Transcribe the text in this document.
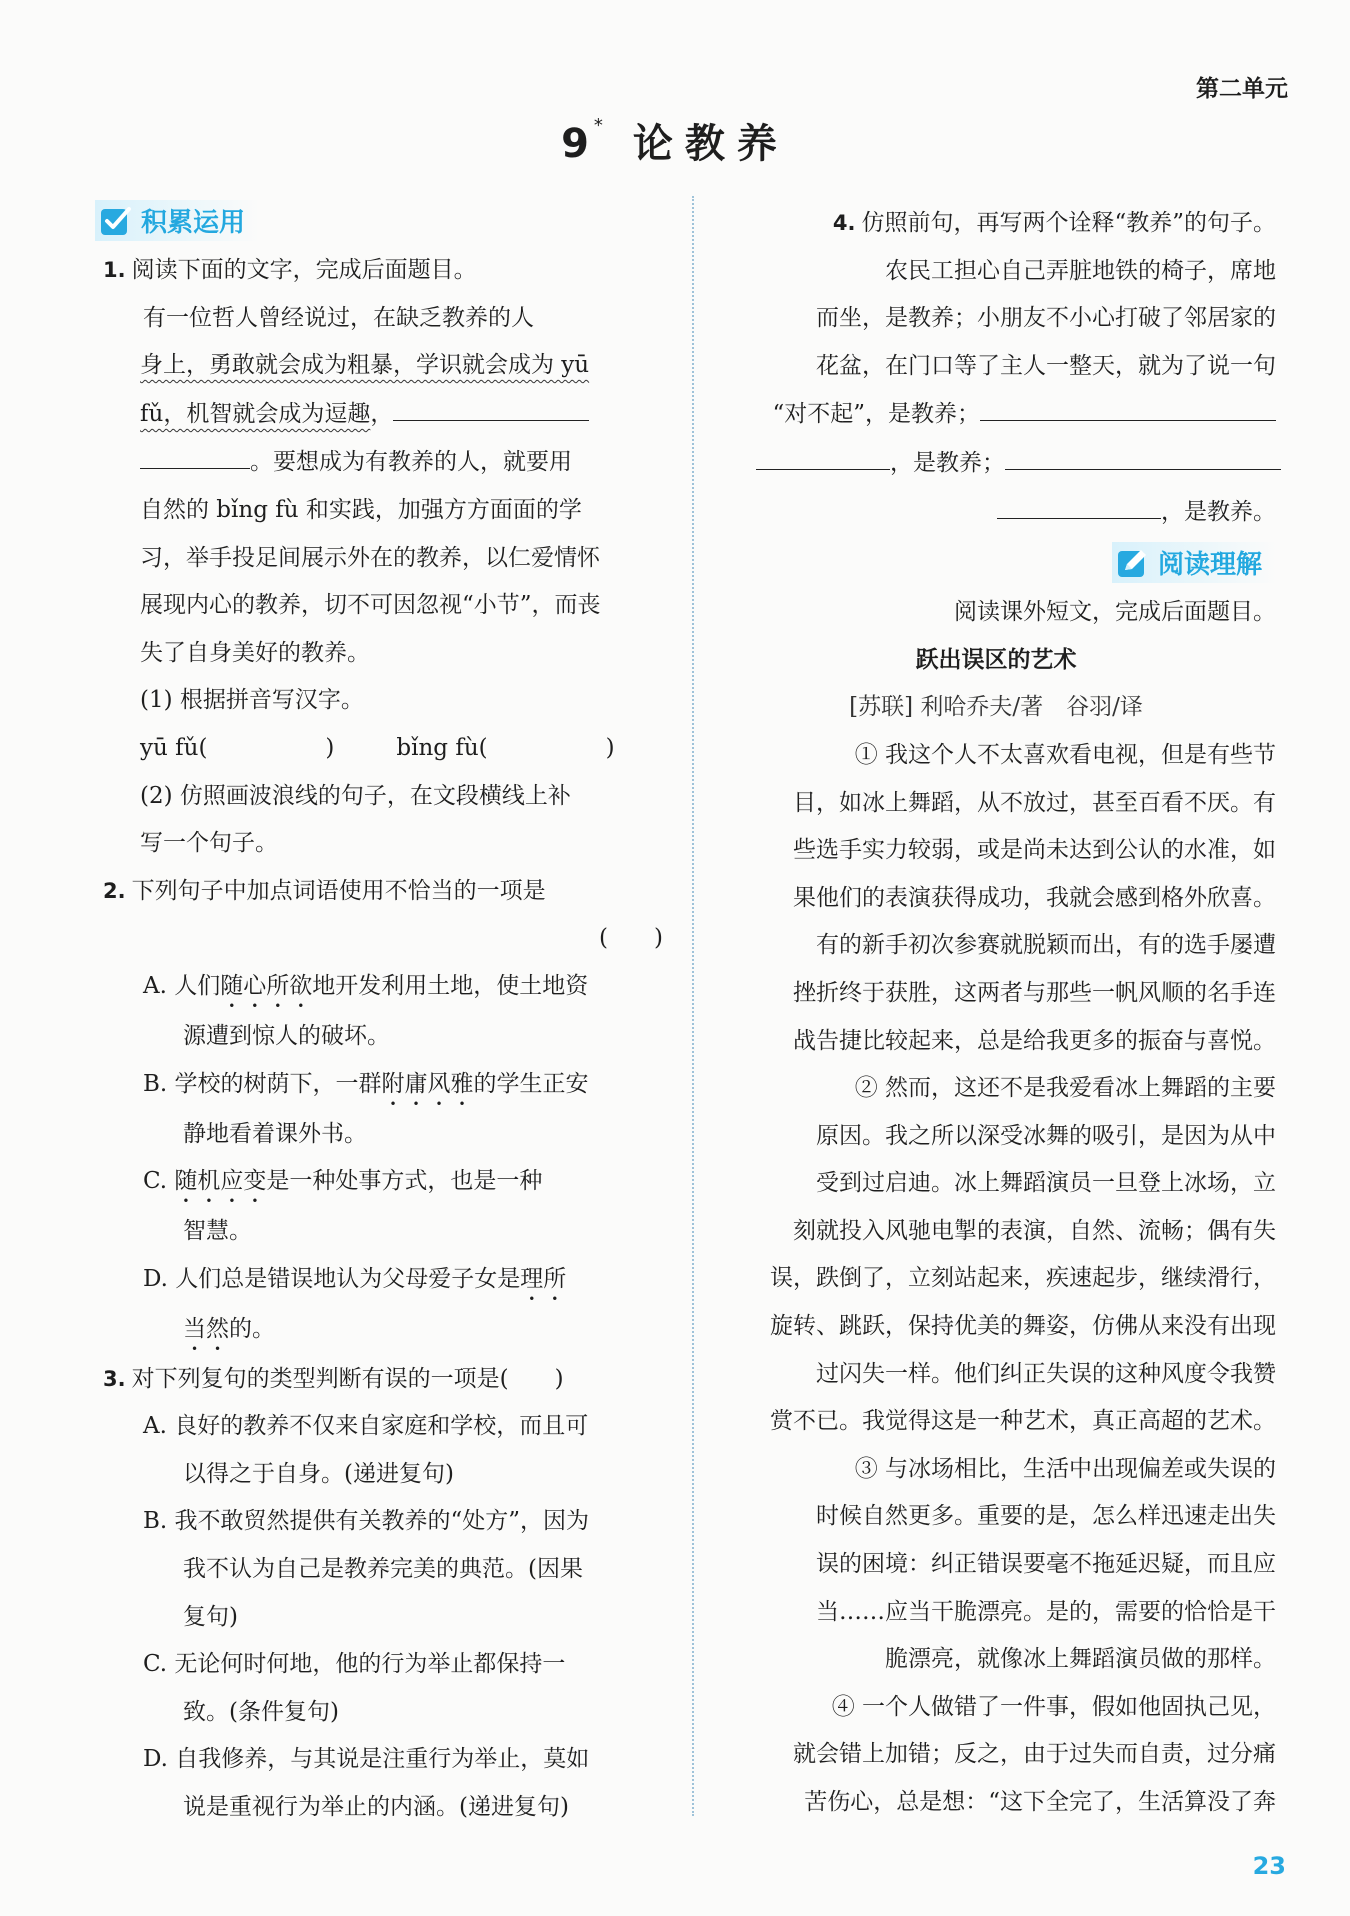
第二单元
9 * 论教养
积累运用
1. 阅读下面的文字，完成后面题目。
有一位哲人曾经说过，在缺乏教养的人
身上，勇敢就会成为粗暴，学识就会成为 yū
fǔ，机智就会成为逗趣，
。要想成为有教养的人，就要用
自然的 bǐng fù 和实践，加强方方面面的学
习，举手投足间展示外在的教养，以仁爱情怀
展现内心的教养，切不可因忽视“小节”，而丧
失了自身美好的教养。
(1) 根据拼音写汉字。
yū fǔ(	)	bǐng fù(	)
(2) 仿照画波浪线的句子，在文段横线上补
写一个句子。
2. 下列句子中加点词语使用不恰当的一项是
(　　)
A. 人们随心所欲地开发利用土地，使土地资
源遭到惊人的破坏。
B. 学校的树荫下，一群附庸风雅的学生正安
静地看着课外书。
C. 随机应变是一种处事方式，也是一种
智慧。
D. 人们总是错误地认为父母爱子女是理所
当然的。
3. 对下列复句的类型判断有误的一项是(　　)
A. 良好的教养不仅来自家庭和学校，而且可
以得之于自身。(递进复句)
B. 我不敢贸然提供有关教养的“处方”，因为
我不认为自己是教养完美的典范。(因果
复句)
C. 无论何时何地，他的行为举止都保持一
致。(条件复句)
D. 自我修养，与其说是注重行为举止，莫如
说是重视行为举止的内涵。(递进复句)
4. 仿照前句，再写两个诠释“教养”的句子。
农民工担心自己弄脏地铁的椅子，席地
而坐，是教养；小朋友不小心打破了邻居家的
花盆，在门口等了主人一整天，就为了说一句
“对不起”，是教养；
，是教养；
，是教养。
阅读理解
阅读课外短文，完成后面题目。
跃出误区的艺术
[苏联] 利哈乔夫/著　谷羽/译
① 我这个人不太喜欢看电视，但是有些节
目，如冰上舞蹈，从不放过，甚至百看不厌。有
些选手实力较弱，或是尚未达到公认的水准，如
果他们的表演获得成功，我就会感到格外欣喜。
有的新手初次参赛就脱颖而出，有的选手屡遭
挫折终于获胜，这两者与那些一帆风顺的名手连
战告捷比较起来，总是给我更多的振奋与喜悦。
② 然而，这还不是我爱看冰上舞蹈的主要
原因。我之所以深受冰舞的吸引，是因为从中
受到过启迪。冰上舞蹈演员一旦登上冰场，立
刻就投入风驰电掣的表演，自然、流畅；偶有失
误，跌倒了，立刻站起来，疾速起步，继续滑行，
旋转、跳跃，保持优美的舞姿，仿佛从来没有出现
过闪失一样。他们纠正失误的这种风度令我赞
赏不已。我觉得这是一种艺术，真正高超的艺术。
③ 与冰场相比，生活中出现偏差或失误的
时候自然更多。重要的是，怎么样迅速走出失
误的困境：纠正错误要毫不拖延迟疑，而且应
当……应当干脆漂亮。是的，需要的恰恰是干
脆漂亮，就像冰上舞蹈演员做的那样。
④ 一个人做错了一件事，假如他固执己见，
就会错上加错；反之，由于过失而自责，过分痛
苦伤心，总是想：“这下全完了，生活算没了奔
23
